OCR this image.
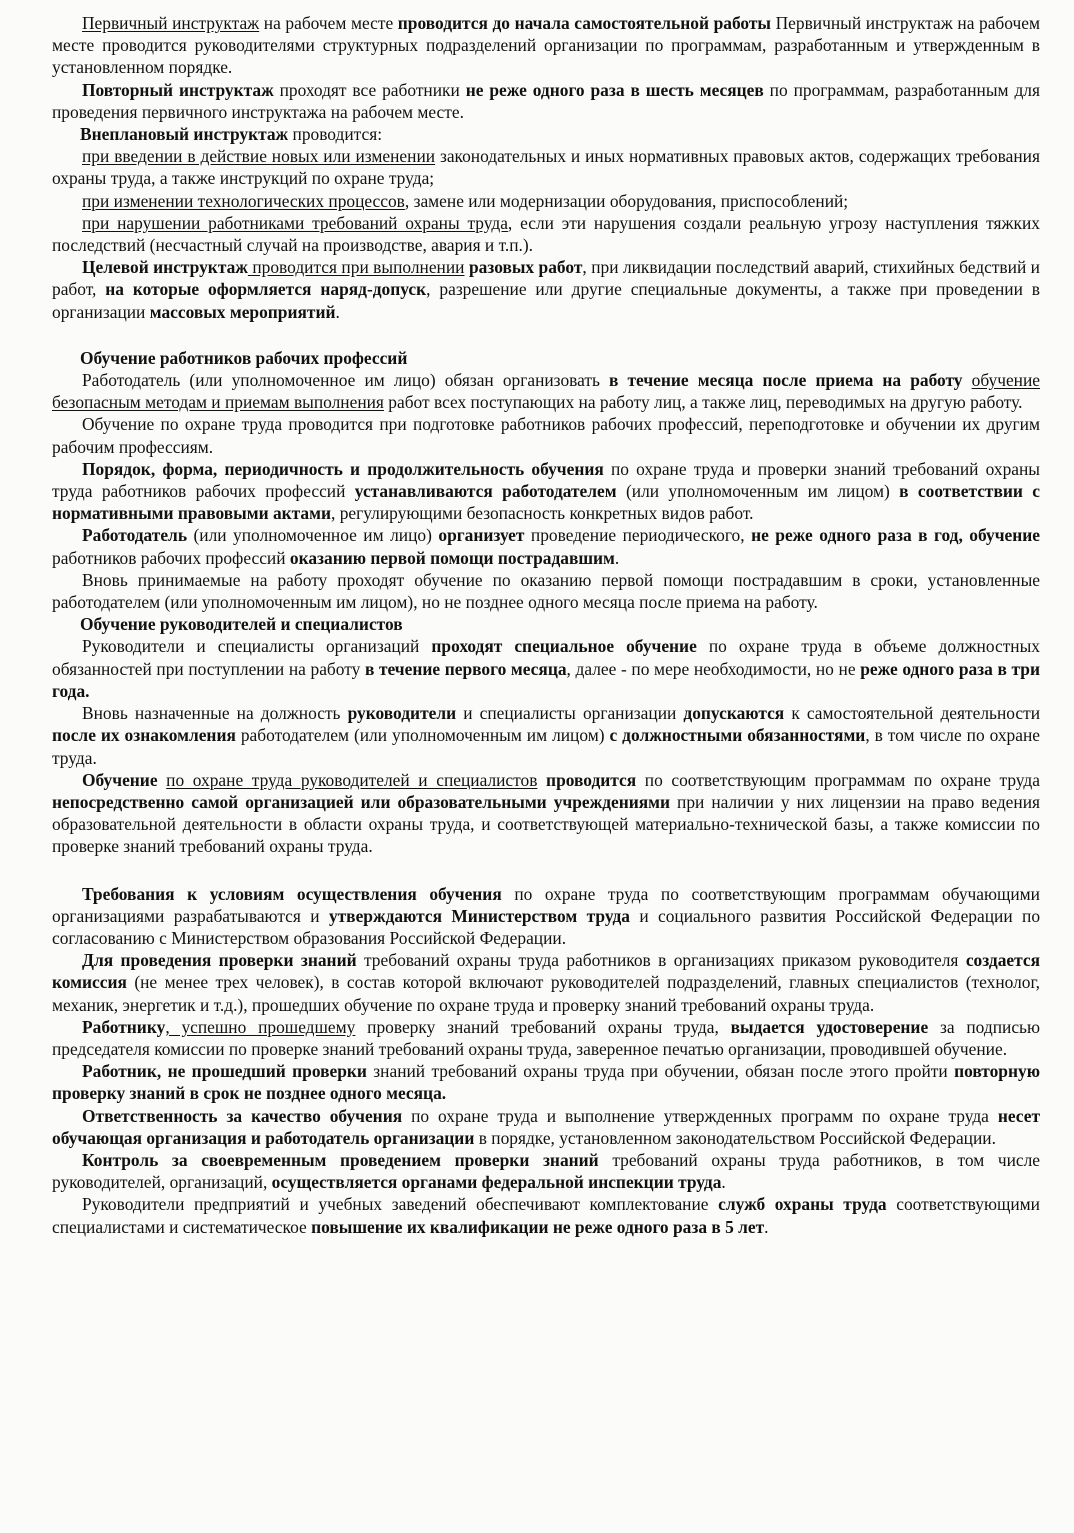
Первичный инструктаж на рабочем месте проводится до начала самостоятельной работы Первичный инструктаж на рабочем месте проводится руководителями структурных подразделений организации по программам, разработанным и утвержденным в установленном порядке.

Повторный инструктаж проходят все работники не реже одного раза в шесть месяцев по программам, разработанным для проведения первичного инструктажа на рабочем месте.

Внеплановый инструктаж проводится:

при введении в действие новых или изменении законодательных и иных нормативных правовых актов, содержащих требования охраны труда, а также инструкций по охране труда;

при изменении технологических процессов, замене или модернизации оборудования, приспособлений;

при нарушении работниками требований охраны труда, если эти нарушения создали реальную угрозу наступления тяжких последствий (несчастный случай на производстве, авария и т.п.).

Целевой инструктаж проводится при выполнении разовых работ, при ликвидации последствий аварий, стихийных бедствий и работ, на которые оформляется наряд-допуск, разрешение или другие специальные документы, а также при проведении в организации массовых мероприятий.

Обучение работников рабочих профессий

Работодатель (или уполномоченное им лицо) обязан организовать в течение месяца после приема на работу обучение безопасным методам и приемам выполнения работ всех поступающих на работу лиц, а также лиц, переводимых на другую работу.

Обучение по охране труда проводится при подготовке работников рабочих профессий, переподготовке и обучении их другим рабочим профессиям.

Порядок, форма, периодичность и продолжительность обучения по охране труда и проверки знаний требований охраны труда работников рабочих профессий устанавливаются работодателем (или уполномоченным им лицом) в соответствии с нормативными правовыми актами, регулирующими безопасность конкретных видов работ.

Работодатель (или уполномоченное им лицо) организует проведение периодического, не реже одного раза в год, обучение работников рабочих профессий оказанию первой помощи пострадавшим.

Вновь принимаемые на работу проходят обучение по оказанию первой помощи пострадавшим в сроки, установленные работодателем (или уполномоченным им лицом), но не позднее одного месяца после приема на работу.

Обучение руководителей и специалистов

Руководители и специалисты организаций проходят специальное обучение по охране труда в объеме должностных обязанностей при поступлении на работу в течение первого месяца, далее - по мере необходимости, но не реже одного раза в три года.

Вновь назначенные на должность руководители и специалисты организации допускаются к самостоятельной деятельности после их ознакомления работодателем (или уполномоченным им лицом) с должностными обязанностями, в том числе по охране труда.

Обучение по охране труда руководителей и специалистов проводится по соответствующим программам по охране труда непосредственно самой организацией или образовательными учреждениями при наличии у них лицензии на право ведения образовательной деятельности в области охраны труда, и соответствующей материально-технической базы, а также комиссии по проверке знаний требований охраны труда.

Требования к условиям осуществления обучения по охране труда по соответствующим программам обучающими организациями разрабатываются и утверждаются Министерством труда и социального развития Российской Федерации по согласованию с Министерством образования Российской Федерации.

Для проведения проверки знаний требований охраны труда работников в организациях приказом руководителя создается комиссия (не менее трех человек), в состав которой включают руководителей подразделений, главных специалистов (технолог, механик, энергетик и т.д.), прошедших обучение по охране труда и проверку знаний требований охраны труда.

Работнику, успешно прошедшему проверку знаний требований охраны труда, выдается удостоверение за подписью председателя комиссии по проверке знаний требований охраны труда, заверенное печатью организации, проводившей обучение.

Работник, не прошедший проверки знаний требований охраны труда при обучении, обязан после этого пройти повторную проверку знаний в срок не позднее одного месяца.

Ответственность за качество обучения по охране труда и выполнение утвержденных программ по охране труда несет обучающая организация и работодатель организации в порядке, установленном законодательством Российской Федерации.

Контроль за своевременным проведением проверки знаний требований охраны труда работников, в том числе руководителей, организаций, осуществляется органами федеральной инспекции труда.

Руководители предприятий и учебных заведений обеспечивают комплектование служб охраны труда соответствующими специалистами и систематическое повышение их квалификации не реже одного раза в 5 лет.
